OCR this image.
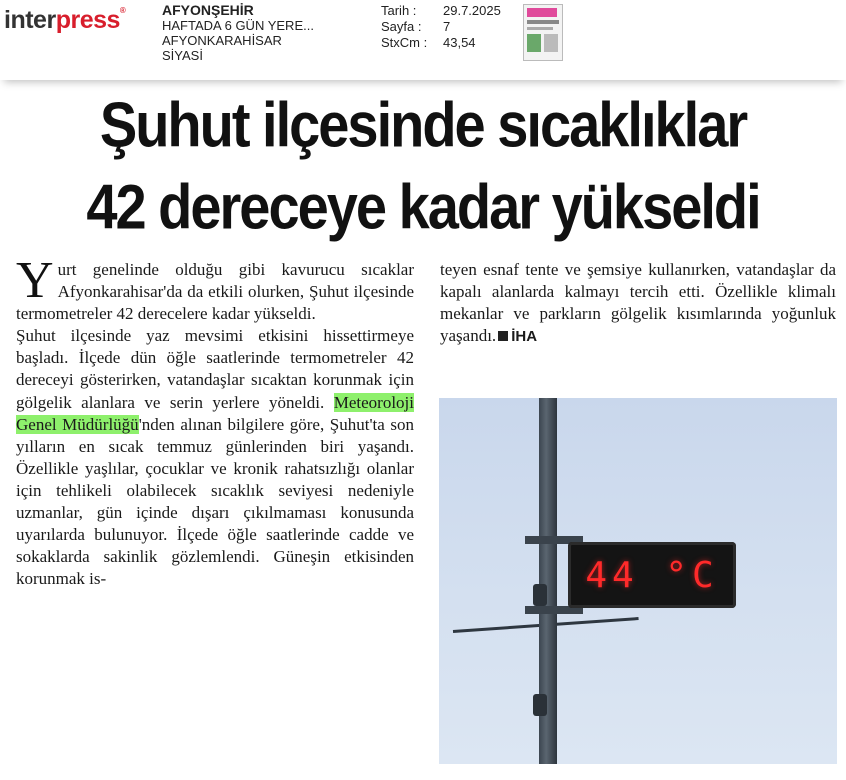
interpress®	AFYONŞEHİR
HAFTADA 6 GÜN YERE...
AFYONKARAHİSAR
SİYASİ
Tarih :	29.7.2025
Sayfa :	7
StxCm :	43,54
Şuhut ilçesinde sıcaklıklar
42 dereceye kadar yükseldi
Yurt genelinde olduğu gibi kavurucu sıcaklar Afyonkarahisar'da da etkili olurken, Şuhut ilçesinde termometreler 42 derecelere kadar yükseldi.
Şuhut ilçesinde yaz mevsimi etkisini hissettirmeye başladı. İlçede dün öğle saatlerinde termometreler 42 dereceyi gösterirken, vatandaşlar sıcaktan korunmak için gölgelik alanlara ve serin yerlere yöneldi. Meteoroloji Genel Müdürlüğü'nden alınan bilgilere göre, Şuhut'ta son yılların en sıcak temmuz günlerinden biri yaşandı. Özellikle yaşlılar, çocuklar ve kronik rahatsızlığı olanlar için tehlikeli olabilecek sıcaklık seviyesi nedeniyle uzmanlar, gün içinde dışarı çıkılmaması konusunda uyarılarda bulunuyor. İlçede öğle saatlerinde cadde ve sokaklarda sakinlik gözlemlendi. Güneşin etkisinden korunmak is-
teyen esnaf tente ve şemsiye kullanırken, vatandaşlar da kapalı alanlarda kalmayı tercih etti. Özellikle klimalı mekanlar ve parkların gölgelik kısımlarında yoğunluk yaşandı. İHA
44 °C
